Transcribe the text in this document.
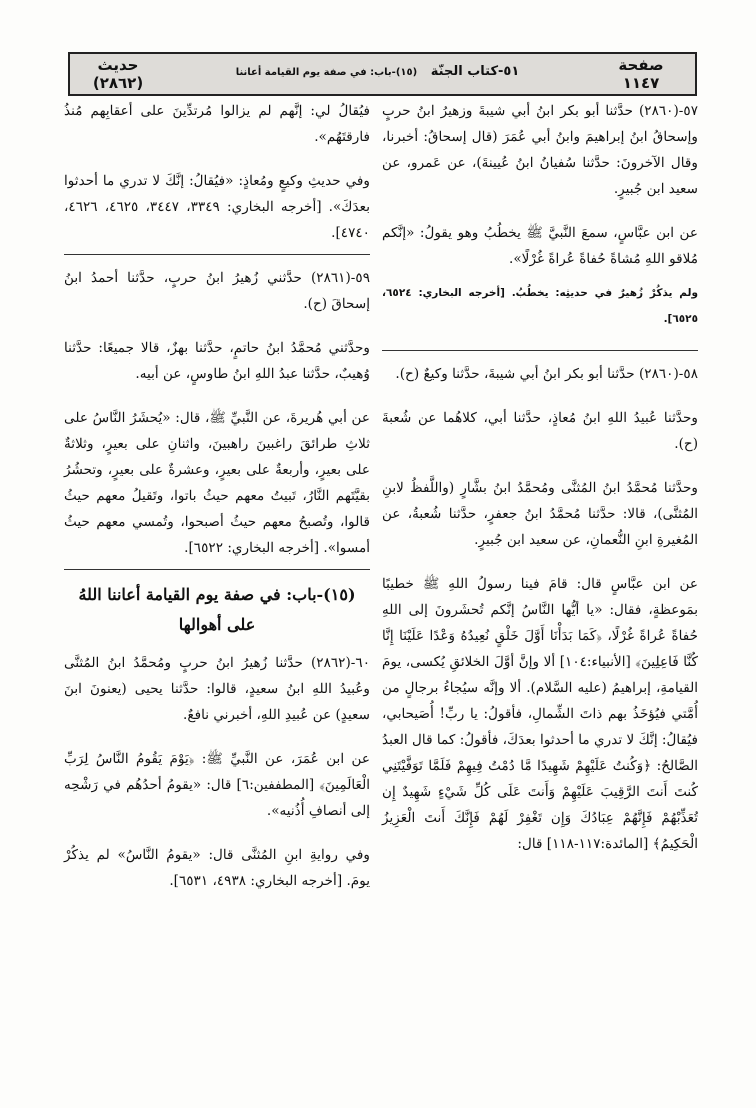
صفحة
١١٤٧
٥١-كتاب الجنَّة   (١٥)-باب: في صفة يوم القيامة أعاننا
حديث
(٢٨٦٢)

٥٧-(٢٨٦٠) حدَّثنا أبو بكر ابنُ أبي شيبةَ وزهيرُ ابنُ حربٍ وإسحاقُ ابنُ إبراهيمَ وابنُ أبي عُمَرَ (قال إسحاقُ: أخبرنا، وقال الآخرونَ: حدَّثنا سُفيانُ ابنُ عُيينةَ)، عن عَمرو، عن سعيد ابن جُبيرٍ.

عن ابن عبَّاسٍ، سمعَ النَّبيَّ ﷺ يخطُبُ وهو يقولُ: «إنَّكم مُلاقو اللهِ مُشاةً حُفاةً عُراةً غُرْلًا».

ولم يذكُرْ زُهيرٌ في حديثِه: يخطُبُ. [أخرجه البخاري: ٦٥٢٤، ٦٥٢٥].

٥٨-(٢٨٦٠) حدَّثنا أبو بكر ابنُ أبي شيبةَ، حدَّثنا وكيعٌ (ح).

وحدَّثنا عُبيدُ اللهِ ابنُ مُعاذٍ، حدَّثنا أبي، كلاهُما عن شُعبةَ (ح).

وحدَّثنا مُحمَّدُ ابنُ المُثنَّى ومُحمَّدُ ابنُ بشَّارٍ (واللَّفظُ لابنِ المُثنَّى)، قالا: حدَّثنا مُحمَّدُ ابنُ جعفرٍ، حدَّثنا شُعبةُ، عن المُغيرةِ ابنِ النُّعمانِ، عن سعيد ابن جُبيرٍ.

عن ابن عبَّاسٍ قال: قامَ فينا رسولُ اللهِ ﷺ خطيبًا بمَوعظةٍ، فقال: «يا أيُّها النَّاسُ إنَّكم تُحشَرونَ إلى اللهِ حُفاةً عُراةً غُرْلًا، ﴿كَمَا بَدَأْنَا أَوَّلَ خَلْقٍ نُعِيدُهُ وَعْدًا عَلَيْنَا إِنَّا كُنَّا فَاعِلِينَ﴾ [الأنبياء:١٠٤] ألا وإنَّ أوَّلَ الخلائقِ يُكسى، يومَ القيامةِ، إبراهيمُ (عليه السَّلام). ألا وإنَّه سيُجاءُ برجالٍ من أُمَّتي فيُؤخَذُ بهم ذاتَ الشِّمالِ، فأقولُ: يا ربِّ! أُصَيحابي، فيُقالُ: إنَّكَ لا تدري ما أحدثوا بعدَكَ، فأقولُ: كما قال العبدُ الصَّالحُ: ﴿وَكُنتُ عَلَيْهِمْ شَهِيدًا مَّا دُمْتُ فِيهِمْ فَلَمَّا تَوَفَّيْتَنِي كُنتَ أَنتَ الرَّقِيبَ عَلَيْهِمْ وَأَنتَ عَلَى كُلِّ شَيْءٍ شَهِيدٌ إِن تُعَذِّبْهُمْ فَإِنَّهُمْ عِبَادُكَ وَإِن تَغْفِرْ لَهُمْ فَإِنَّكَ أَنتَ الْعَزِيزُ الْحَكِيمُ﴾ [المائدة:١١٧-١١٨] قال:

فيُقالُ لي: إنَّهم لم يزالوا مُرتدِّينَ على أعقابِهم مُنذُ فارقتَهُم».

وفي حديثِ وكيعٍ ومُعاذٍ: «فيُقالُ: إنَّكَ لا تدري ما أحدثوا بعدَكَ». [أخرجه البخاري: ٣٣٤٩، ٣٤٤٧، ٤٦٢٥، ٤٦٢٦، ٤٧٤٠].

٥٩-(٢٨٦١) حدَّثني زُهيرُ ابنُ حربٍ، حدَّثنا أحمدُ ابنُ إسحاقَ (ح).

وحدَّثني مُحمَّدُ ابنُ حاتمٍ، حدَّثنا بهزٌ، قالا جميعًا: حدَّثنا وُهيبٌ، حدَّثنا عبدُ اللهِ ابنُ طاوسٍ، عن أبيه.

عن أبي هُريرةَ، عن النَّبيِّ ﷺ، قال: «يُحشَرُ النَّاسُ على ثلاثِ طرائقَ راغبينَ راهبينَ، واثنانِ على بعيرٍ، وثلاثةٌ على بعيرٍ، وأربعةٌ على بعيرٍ، وعشرةٌ على بعيرٍ، وتحشُرُ بقيَّتَهم النَّارُ، تَبيتُ معهم حيثُ باتوا، وتَقيلُ معهم حيثُ قالوا، وتُصبحُ معهم حيثُ أصبحوا، وتُمسي معهم حيثُ أمسوا». [أخرجه البخاري: ٦٥٢٢].

(١٥)-باب: في صفة يوم القيامة أعاننا اللهُ على أهوالها

٦٠-(٢٨٦٢) حدَّثنا زُهيرُ ابنُ حربٍ ومُحمَّدُ ابنُ المُثنَّى وعُبيدُ اللهِ ابنُ سعيدٍ، قالوا: حدَّثنا يحيى (يعنونَ ابنَ سعيدٍ) عن عُبيدِ اللهِ، أخبرني نافعٌ.

عن ابن عُمَرَ، عن النَّبيِّ ﷺ: ﴿يَوْمَ يَقُومُ النَّاسُ لِرَبِّ الْعَالَمِينَ﴾ [المطففين:٦] قال: «يقومُ أحدُهُم في رَشْحِه إلى أنصافِ أُذُنيه».

وفي روايةِ ابنِ المُثنَّى قال: «يقومُ النَّاسُ» لم يذكُرْ يومَ. [أخرجه البخاري: ٤٩٣٨، ٦٥٣١].
